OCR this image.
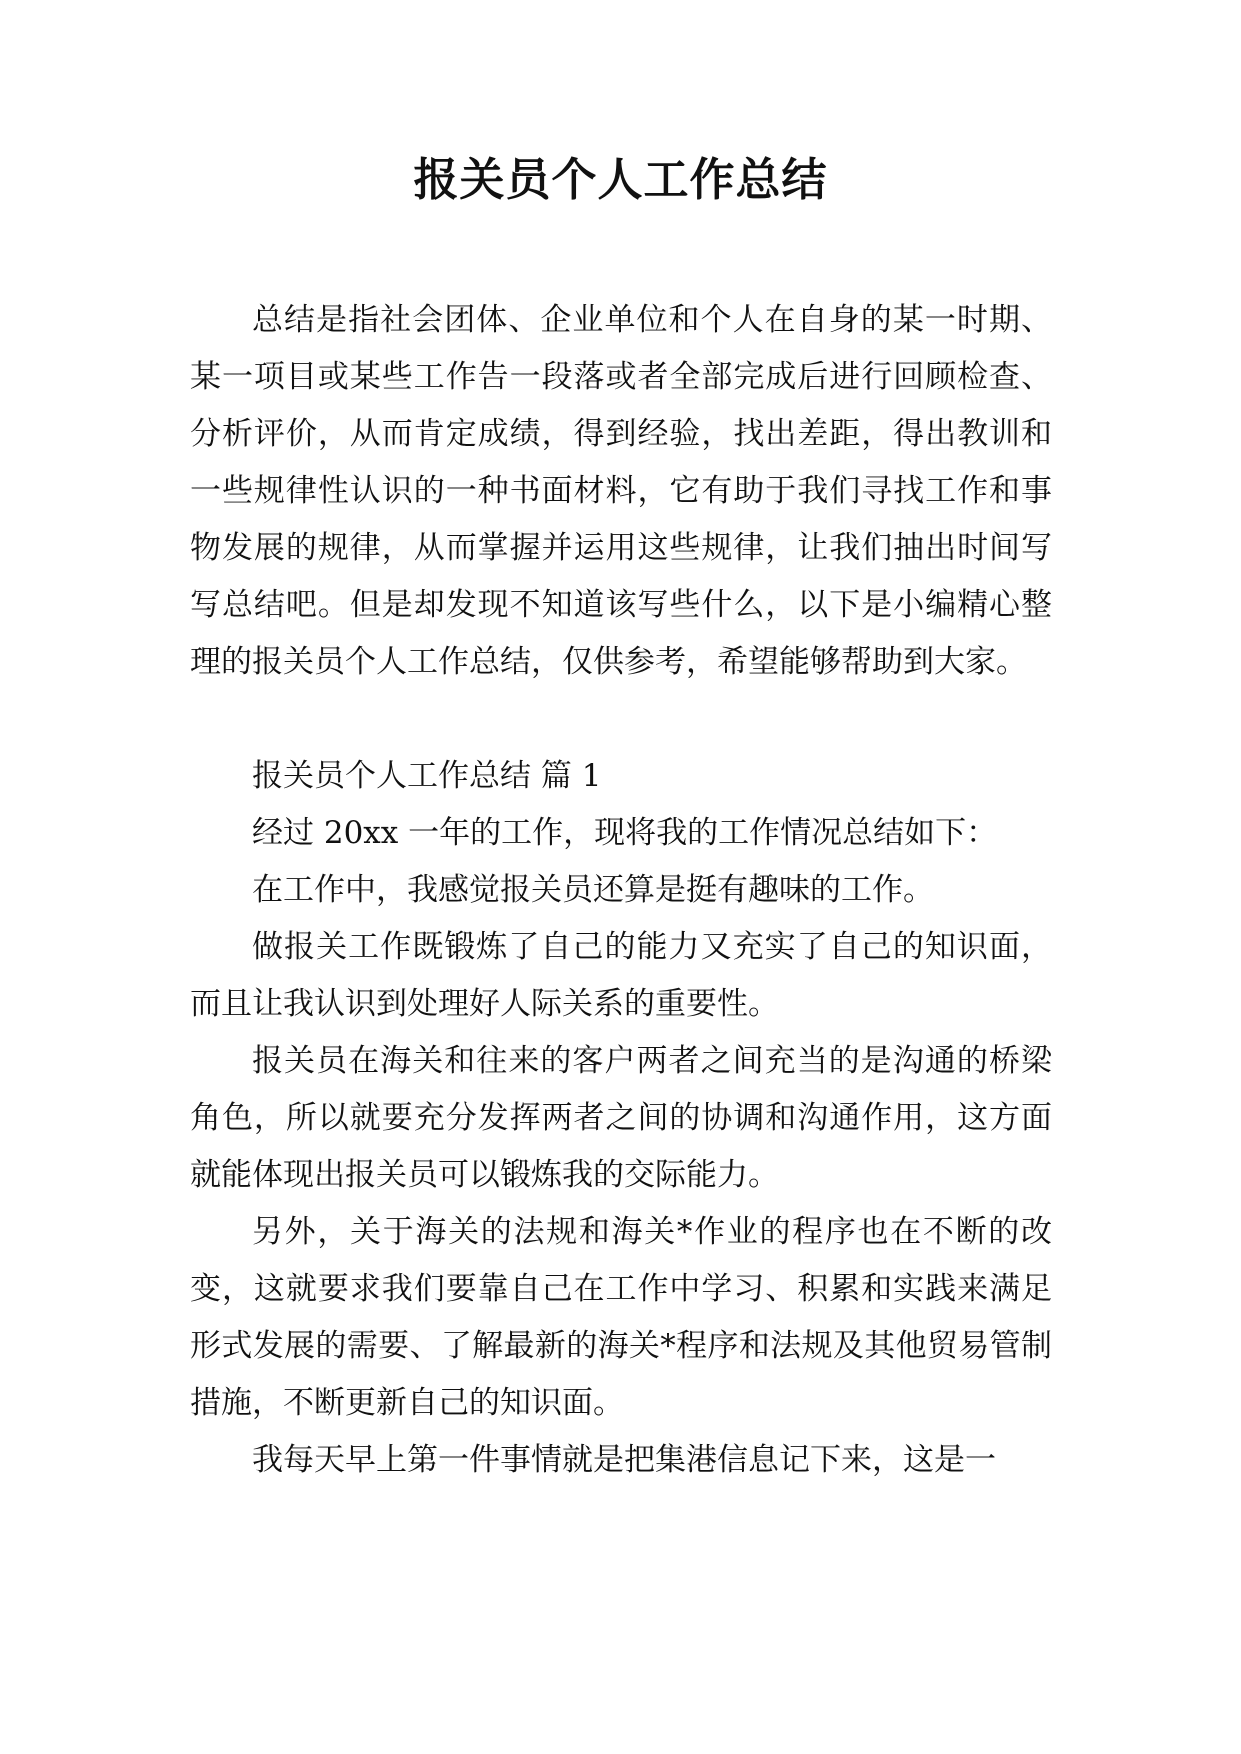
报关员个人工作总结

总结是指社会团体、企业单位和个人在自身的某一时期、某一项目或某些工作告一段落或者全部完成后进行回顾检查、分析评价，从而肯定成绩，得到经验，找出差距，得出教训和一些规律性认识的一种书面材料，它有助于我们寻找工作和事物发展的规律，从而掌握并运用这些规律，让我们抽出时间写写总结吧。但是却发现不知道该写些什么，以下是小编精心整理的报关员个人工作总结，仅供参考，希望能够帮助到大家。

报关员个人工作总结 篇 1

经过 20xx 一年的工作，现将我的工作情况总结如下：

在工作中，我感觉报关员还算是挺有趣味的工作。

做报关工作既锻炼了自己的能力又充实了自己的知识面，而且让我认识到处理好人际关系的重要性。

报关员在海关和往来的客户两者之间充当的是沟通的桥梁角色，所以就要充分发挥两者之间的协调和沟通作用，这方面就能体现出报关员可以锻炼我的交际能力。

另外，关于海关的法规和海关*作业的程序也在不断的改变，这就要求我们要靠自己在工作中学习、积累和实践来满足形式发展的需要、了解最新的海关*程序和法规及其他贸易管制措施，不断更新自己的知识面。

我每天早上第一件事情就是把集港信息记下来，这是一
